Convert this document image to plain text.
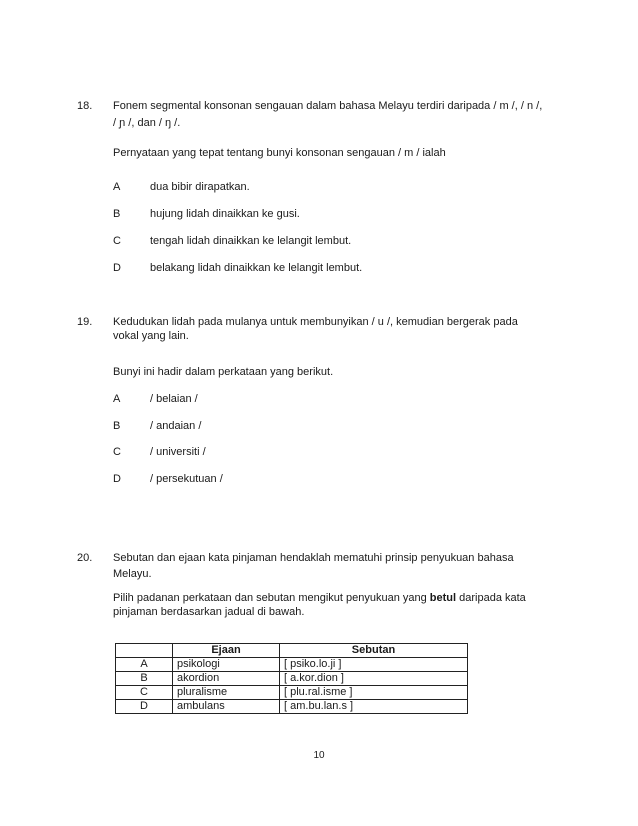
18. Fonem segmental konsonan sengauan dalam bahasa Melayu terdiri daripada / m /, / n /,
/ ɲ /, dan / ŋ /.
Pernyataan yang tepat tentang bunyi konsonan sengauan / m / ialah
A	dua bibir dirapatkan.
B	hujung lidah dinaikkan ke gusi.
C	tengah lidah dinaikkan ke lelangit lembut.
D	belakang lidah dinaikkan ke lelangit lembut.
19. Kedudukan lidah pada mulanya untuk membunyikan / u /, kemudian bergerak pada
vokal yang lain.
Bunyi ini hadir dalam perkataan yang berikut.
A	/ belaian /
B	/ andaian /
C	/ universiti /
D	/ persekutuan /
20. Sebutan dan ejaan kata pinjaman hendaklah mematuhi prinsip penyukuan bahasa
Melayu.
Pilih padanan perkataan dan sebutan mengikut penyukuan yang betul daripada kata
pinjaman berdasarkan jadual di bawah.
	Ejaan	Sebutan
A	psikologi	[ psiko.lo.ji ]
B	akordion	[ a.kor.dion ]
C	pluralisme	[ plu.ral.isme ]
D	ambulans	[ am.bu.lan.s ]
10
